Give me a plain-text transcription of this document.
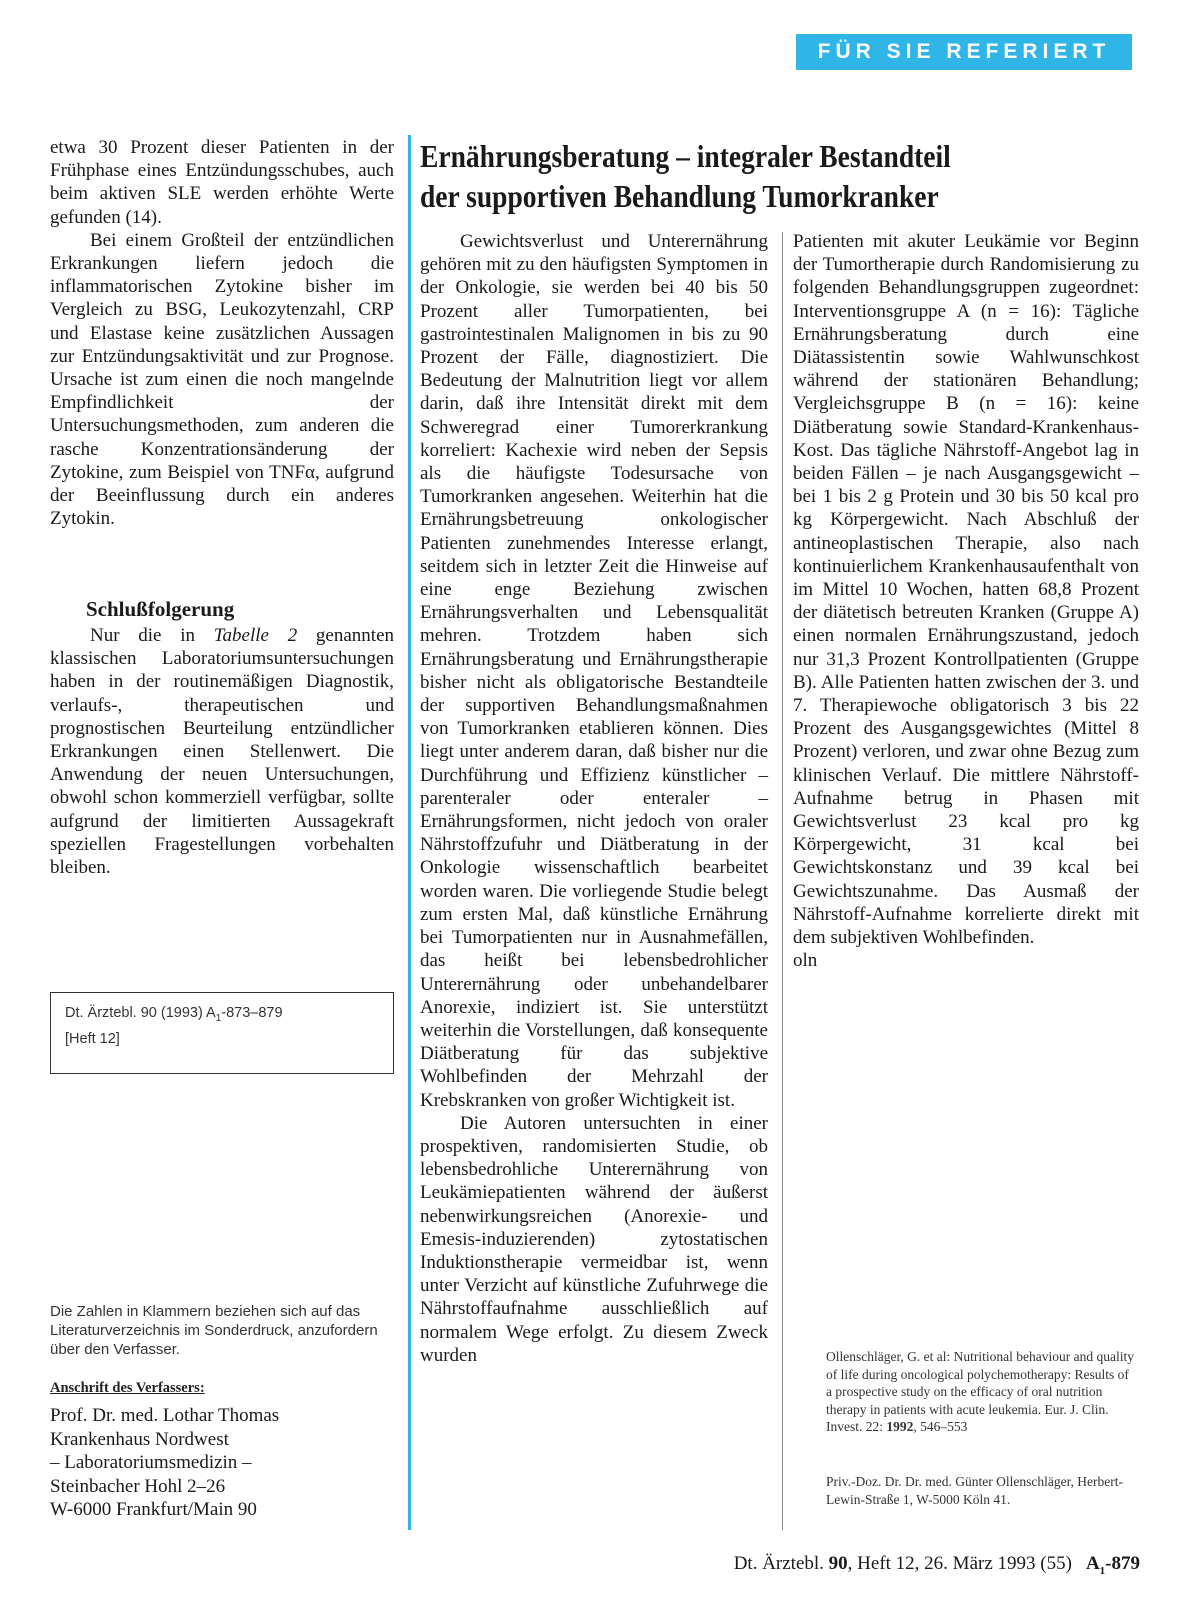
FÜR SIE REFERIERT
Ernährungsberatung – integraler Bestandteil
der supportiven Behandlung Tumorkranker

etwa 30 Prozent dieser Patienten in der Frühphase eines Entzündungsschubes, auch beim aktiven SLE werden erhöhte Werte gefunden (14).

Bei einem Großteil der entzündlichen Erkrankungen liefern jedoch die inflammatorischen Zytokine bisher im Vergleich zu BSG, Leukozytenzahl, CRP und Elastase keine zusätzlichen Aussagen zur Entzündungsaktivität und zur Prognose. Ursache ist zum einen die noch mangelnde Empfindlichkeit der Untersuchungsmethoden, zum anderen die rasche Konzentrationsänderung der Zytokine, zum Beispiel von TNFα, aufgrund der Beeinflussung durch ein anderes Zytokin.

Schlußfolgerung

Nur die in Tabelle 2 genannten klassischen Laboratoriumsuntersuchungen haben in der routinemäßigen Diagnostik, verlaufs-, therapeutischen und prognostischen Beurteilung entzündlicher Erkrankungen einen Stellenwert. Die Anwendung der neuen Untersuchungen, obwohl schon kommerziell verfügbar, sollte aufgrund der limitierten Aussagekraft speziellen Fragestellungen vorbehalten bleiben.

Dt. Ärztebl. 90 (1993) $A_1-873-879$
[Heft 12]

Die Zahlen in Klammern beziehen sich auf das Literaturverzeichnis im Sonderdruck, anzufordern über den Verfasser.

Anschrift des Verfassers:

Prof. Dr. med. Lothar Thomas
Krankenhaus Nordwest
– Laboratoriumsmedizin –
Steinbacher Hohl 2–26
W-6000 Frankfurt/Main 90

Gewichtsverlust und Unterernährung gehören mit zu den häufigsten Symptomen in der Onkologie, sie werden bei 40 bis 50 Prozent aller Tumorpatienten, bei gastrointestinalen Malignomen in bis zu 90 Prozent der Fälle, diagnostiziert. Die Bedeutung der Malnutrition liegt vor allem darin, daß ihre Intensität direkt mit dem Schweregrad einer Tumorerkrankung korreliert: Kachexie wird neben der Sepsis als die häufigste Todesursache von Tumorkranken angesehen. Weiterhin hat die Ernährungsbetreuung onkologischer Patienten zunehmendes Interesse erlangt, seitdem sich in letzter Zeit die Hinweise auf eine enge Beziehung zwischen Ernährungsverhalten und Lebensqualität mehren. Trotzdem haben sich Ernährungsberatung und Ernährungstherapie bisher nicht als obligatorische Bestandteile der supportiven Behandlungsmaßnahmen von Tumorkranken etablieren können. Dies liegt unter anderem daran, daß bisher nur die Durchführung und Effizienz künstlicher – parenteraler oder enteraler – Ernährungsformen, nicht jedoch von oraler Nährstoffzufuhr und Diätberatung in der Onkologie wissenschaftlich bearbeitet worden waren. Die vorliegende Studie belegt zum ersten Mal, daß künstliche Ernährung bei Tumorpatienten nur in Ausnahmefällen, das heißt bei lebensbedrohlicher Unterernährung oder unbehandelbarer Anorexie, indiziert ist. Sie unterstützt weiterhin die Vorstellungen, daß konsequente Diätberatung für das subjektive Wohlbefinden der Mehrzahl der Krebskranken von großer Wichtigkeit ist.

Die Autoren untersuchten in einer prospektiven, randomisierten Studie, ob lebensbedrohliche Unterernährung von Leukämiepatienten während der äußerst nebenwirkungsreichen (Anorexie- und Emesis-induzierenden) zytostatischen Induktionstherapie vermeidbar ist, wenn unter Verzicht auf künstliche Zufuhrwege die Nährstoffaufnahme ausschließlich auf normalem Wege erfolgt. Zu diesem Zweck wurden

Patienten mit akuter Leukämie vor Beginn der Tumortherapie durch Randomisierung zu folgenden Behandlungsgruppen zugeordnet: Interventionsgruppe A (n = 16): Tägliche Ernährungsberatung durch eine Diätassistentin sowie Wahlwunschkost während der stationären Behandlung; Vergleichsgruppe B (n = 16): keine Diätberatung sowie Standard-Krankenhaus-Kost. Das tägliche Nährstoff-Angebot lag in beiden Fällen – je nach Ausgangsgewicht – bei 1 bis 2 g Protein und 30 bis 50 kcal pro kg Körpergewicht. Nach Abschluß der antineoplastischen Therapie, also nach kontinuierlichem Krankenhausaufenthalt von im Mittel 10 Wochen, hatten 68,8 Prozent der diätetisch betreuten Kranken (Gruppe A) einen normalen Ernährungszustand, jedoch nur 31,3 Prozent Kontrollpatienten (Gruppe B). Alle Patienten hatten zwischen der 3. und 7. Therapiewoche obligatorisch 3 bis 22 Prozent des Ausgangsgewichtes (Mittel 8 Prozent) verloren, und zwar ohne Bezug zum klinischen Verlauf. Die mittlere Nährstoff-Aufnahme betrug in Phasen mit Gewichtsverlust 23 kcal pro kg Körpergewicht, 31 kcal bei Gewichtskonstanz und 39 kcal bei Gewichtszunahme. Das Ausmaß der Nährstoff-Aufnahme korrelierte direkt mit dem subjektiven Wohlbefinden.

oln

Ollenschläger, G. et al: Nutritional behaviour and quality of life during oncological polychemotherapy: Results of a prospective study on the efficacy of oral nutrition therapy in patients with acute leukemia. Eur. J. Clin. Invest. 22: 1992, 546–553

Priv.-Doz. Dr. Dr. med. Günter Ollenschläger, Herbert-Lewin-Straße 1, W-5000 Köln 41.

Dt. Ärztebl. 90, Heft 12, 26. März 1993 (55) $A_1-879$
